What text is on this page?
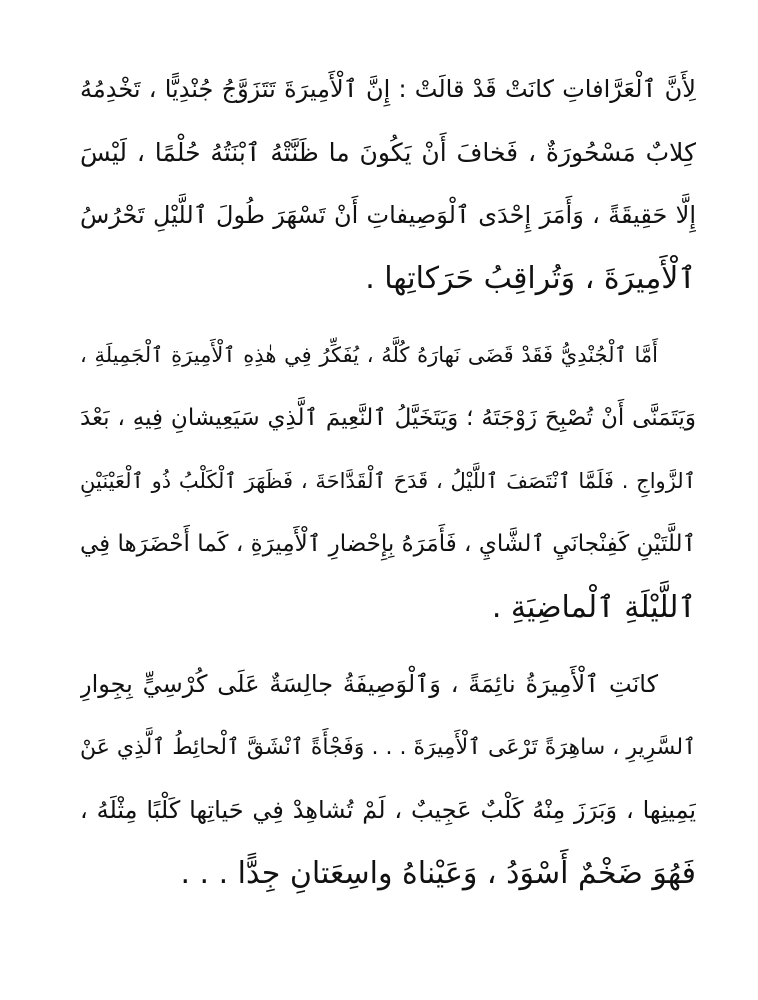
لِأَنَّ ٱلْعَرَّافاتِ كانَتْ قَدْ قالَتْ : إِنَّ ٱلْأَمِيرَةَ تَتَزَوَّجُ جُنْدِيًّا ، تَخْدِمُهُ
كِلابٌ مَسْحُورَةٌ ، فَخافَ أَنْ يَكُونَ ما ظَنَّتْهُ ٱبْنَتُهُ حُلْمًا ، لَيْسَ
إِلَّا حَقِيقَةً ، وَأَمَرَ إِحْدَى ٱلْوَصِيفاتِ أَنْ تَسْهَرَ طُولَ ٱللَّيْلِ تَحْرُسُ
ٱلْأَمِيرَةَ ، وَتُراقِبُ حَرَكاتِها .
أَمَّا ٱلْجُنْدِيُّ فَقَدْ قَضَى نَهارَهُ كُلَّهُ ، يُفَكِّرُ فِي هٰذِهِ ٱلْأَمِيرَةِ ٱلْجَمِيلَةِ ،
وَيَتَمَنَّى أَنْ تُصْبِحَ زَوْجَتَهُ ؛ وَيَتَخَيَّلُ ٱلنَّعِيمَ ٱلَّذِي سَيَعِيشانِ فِيهِ ، بَعْدَ
ٱلزَّواجِ . فَلَمَّا ٱنْتَصَفَ ٱللَّيْلُ ، قَدَحَ ٱلْقَدَّاحَةَ ، فَظَهَرَ ٱلْكَلْبُ ذُو ٱلْعَيْنَيْنِ
ٱللَّتَيْنِ كَفِنْجانَيِ ٱلشَّايِ ، فَأَمَرَهُ بِإِحْضارِ ٱلْأَمِيرَةِ ، كَما أَحْضَرَها فِي
ٱللَّيْلَةِ ٱلْماضِيَةِ .
كانَتِ ٱلْأَمِيرَةُ نائِمَةً ، وَٱلْوَصِيفَةُ جالِسَةٌ عَلَى كُرْسِيٍّ بِجِوارِ
ٱلسَّرِيرِ ، ساهِرَةً تَرْعَى ٱلْأَمِيرَةَ . . . وَفَجْأَةً ٱنْشَقَّ ٱلْحائِطُ ٱلَّذِي عَنْ
يَمِينِها ، وَبَرَزَ مِنْهُ كَلْبٌ عَجِيبٌ ، لَمْ تُشاهِدْ فِي حَياتِها كَلْبًا مِثْلَهُ ،
فَهُوَ ضَخْمٌ أَسْوَدُ ، وَعَيْناهُ واسِعَتانِ جِدًّا . . .
